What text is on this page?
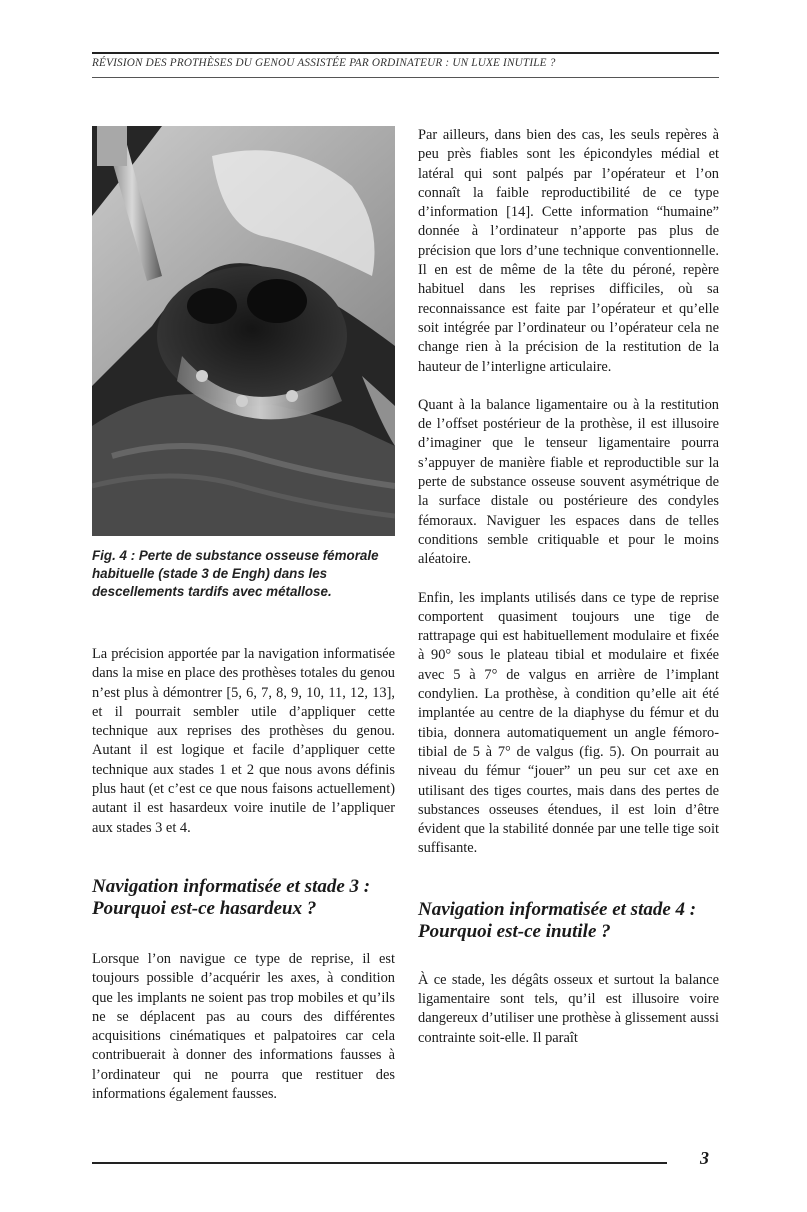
RÉVISION DES PROTHÈSES DU GENOU ASSISTÉE PAR ORDINATEUR : UN LUXE INUTILE ?
Fig. 4 : Perte de substance osseuse fémorale habituelle (stade 3 de Engh) dans les descellements tardifs avec métallose.

La précision apportée par la navigation informatisée dans la mise en place des prothèses totales du genou n’est plus à démontrer [5, 6, 7, 8, 9, 10, 11, 12, 13], et il pourrait sembler utile d’appliquer cette technique aux reprises des prothèses du genou. Autant il est logique et facile d’appliquer cette technique aux stades 1 et 2 que nous avons définis plus haut (et c’est ce que nous faisons actuellement) autant il est hasardeux voire inutile de l’appliquer aux stades 3 et 4.

Navigation informatisée et stade 3 : Pourquoi est-ce hasardeux ?

Lorsque l’on navigue ce type de reprise, il est toujours possible d’acquérir les axes, à condition que les implants ne soient pas trop mobiles et qu’ils ne se déplacent pas au cours des différentes acquisitions cinématiques et palpatoires car cela contribuerait à donner des informations fausses à l’ordinateur qui ne pourra que restituer des informations également fausses.

Par ailleurs, dans bien des cas, les seuls repères à peu près fiables sont les épicondyles médial et latéral qui sont palpés par l’opérateur et l’on connaît la faible reproductibilité de ce type d’information [14]. Cette information “humaine” donnée à l’ordinateur n’apporte pas plus de précision que lors d’une technique conventionnelle. Il en est de même de la tête du péroné, repère habituel dans les reprises difficiles, où sa reconnaissance est faite par l’opérateur et qu’elle soit intégrée par l’ordinateur ou l’opérateur cela ne change rien à la précision de la restitution de la hauteur de l’interligne articulaire.

Quant à la balance ligamentaire ou à la restitution de l’offset postérieur de la prothèse, il est illusoire d’imaginer que le tenseur ligamentaire pourra s’appuyer de manière fiable et reproductible sur la perte de substance osseuse souvent asymétrique de la surface distale ou postérieure des condyles fémoraux. Naviguer les espaces dans de telles conditions semble critiquable et pour le moins aléatoire.

Enfin, les implants utilisés dans ce type de reprise comportent quasiment toujours une tige de rattrapage qui est habituellement modulaire et fixée à 90° sous le plateau tibial et modulaire et fixée avec 5 à 7° de valgus en arrière de l’implant condylien. La prothèse, à condition qu’elle ait été implantée au centre de la diaphyse du fémur et du tibia, donnera automatiquement un angle fémoro-tibial de 5 à 7° de valgus (fig. 5). On pourrait au niveau du fémur “jouer” un peu sur cet axe en utilisant des tiges courtes, mais dans des pertes de substances osseuses étendues, il est loin d’être évident que la stabilité donnée par une telle tige soit suffisante.

Navigation informatisée et stade 4 : Pourquoi est-ce inutile ?

À ce stade, les dégâts osseux et surtout la balance ligamentaire sont tels, qu’il est illusoire voire dangereux d’utiliser une prothèse à glissement aussi contrainte soit-elle. Il paraît

3
